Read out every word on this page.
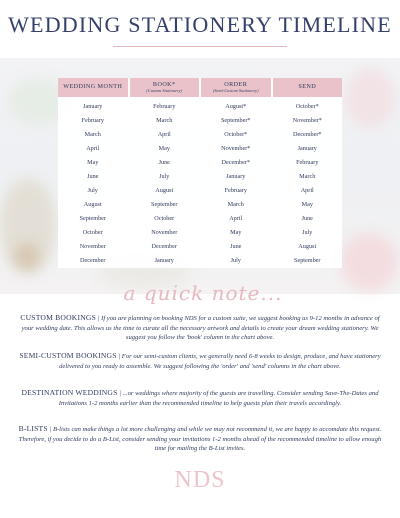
WEDDING STATIONERY TIMELINE
WEDDING MONTH
January
February
March
April
May
June
July
August
September
October
November
December
BOOK*
(Custom Stationery)
February
March
April
May
June
July
August
September
October
November
December
January
ORDER
(Semi-Custom Stationery)
August*
September*
October*
November*
December*
January
February
March
April
May
June
July
SEND
October*
November*
December*
January
February
March
April
May
June
July
August
September
a quick note...
CUSTOM BOOKINGS | If you are planning on booking NDS for a custom suite, we suggest booking us 9-12 months in advance of your wedding date. This allows us the time to curate all the necessary artwork and details to create your dream wedding stationery. We suggest you follow the 'book' column in the chart above.
SEMI-CUSTOM BOOKINGS | For our semi-custom clients, we generally need 6-8 weeks to design, produce, and have stationery delivered to you ready to assemble. We suggest following the 'order' and 'send' columns in the chart above.
DESTINATION WEDDINGS | ...or weddings where majority of the guests are travelling. Consider sending Save-The-Dates and Invitations 1-2 months earlier than the recommended timeline to help guests plan their travels accordingly.
B-LISTS | B-lists can make things a lot more challenging and while we may not recommend it, we are happy to accomdate this request. Therefore, if you decide to do a B-List, consider sending your invitations 1-2 months ahead of the recommended timeline to allow enough time for mailing the B-List invites.
NDS
